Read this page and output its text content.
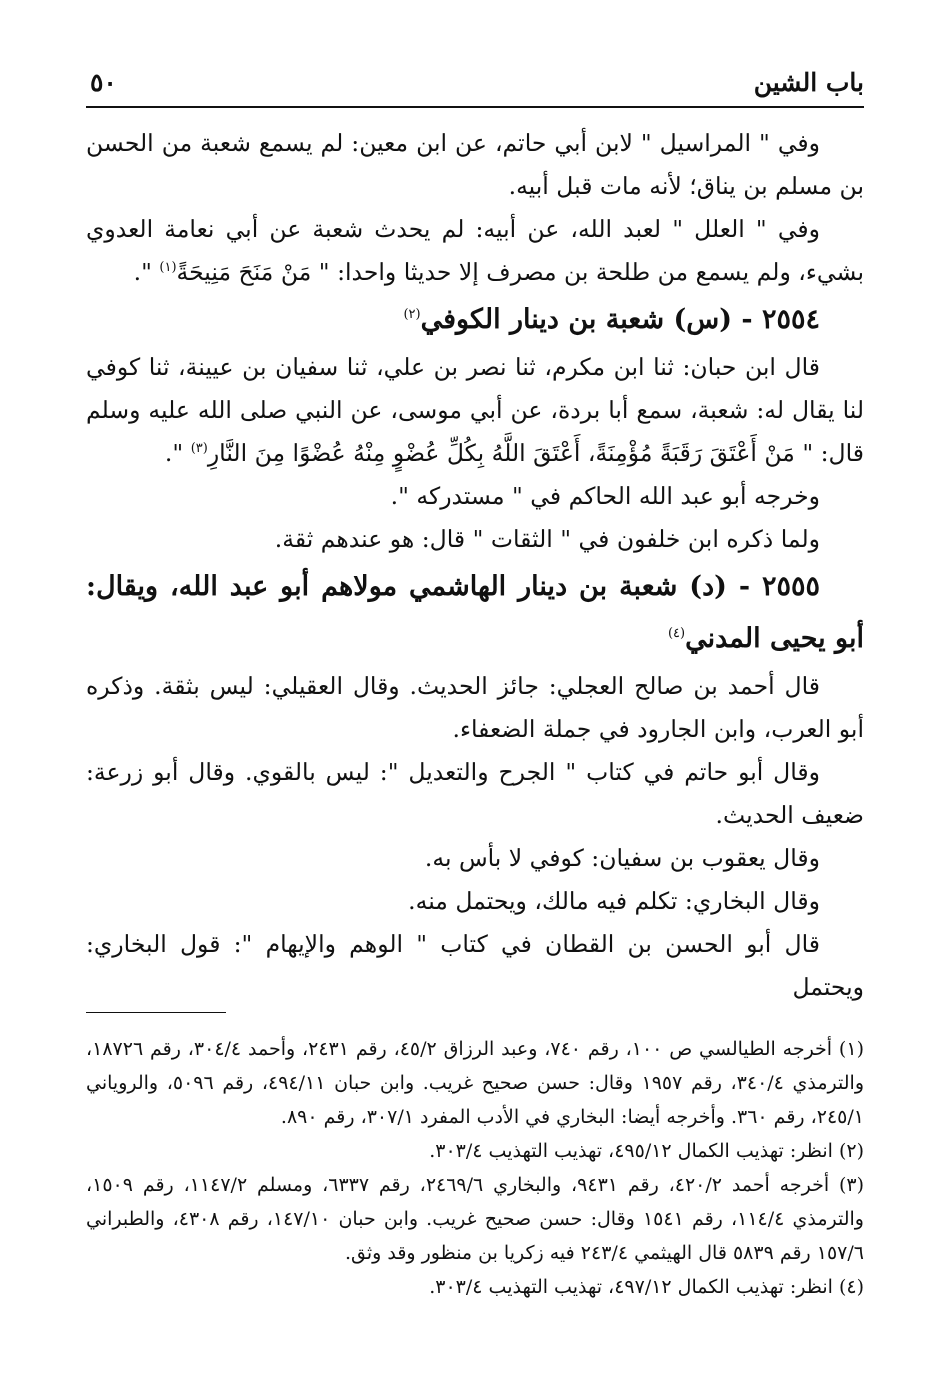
باب الشين
٥٠

وفي " المراسيل " لابن أبي حاتم، عن ابن معين: لم يسمع شعبة من الحسن بن مسلم بن يناق؛ لأنه مات قبل أبيه.

وفي " العلل " لعبد الله، عن أبيه: لم يحدث شعبة عن أبي نعامة العدوي بشيء، ولم يسمع من طلحة بن مصرف إلا حديثا واحدا: " مَنْ مَنَحَ مَنِيحَةً$^{(١)}$ ".

٢٥٥٤ - (س) شعبة بن دينار الكوفي$^{(٢)}$

قال ابن حبان: ثنا ابن مكرم، ثنا نصر بن علي، ثنا سفيان بن عيينة، ثنا كوفي لنا يقال له: شعبة، سمع أبا بردة، عن أبي موسى، عن النبي صلى الله عليه وسلم قال: " مَنْ أَعْتَقَ رَقَبَةً مُؤْمِنَةً، أَعْتَقَ اللَّهُ بِكُلِّ عُضْوٍ مِنْهُ عُضْوًا مِنَ النَّارِ$^{(٣)}$ ".

وخرجه أبو عبد الله الحاكم في " مستدركه ".

ولما ذكره ابن خلفون في " الثقات " قال: هو عندهم ثقة.

٢٥٥٥ - (د) شعبة بن دينار الهاشمي مولاهم أبو عبد الله، ويقال: أبو يحيى المدني$^{(٤)}$

قال أحمد بن صالح العجلي: جائز الحديث. وقال العقيلي: ليس بثقة. وذكره أبو العرب، وابن الجارود في جملة الضعفاء.

وقال أبو حاتم في كتاب " الجرح والتعديل ": ليس بالقوي. وقال أبو زرعة: ضعيف الحديث.

وقال يعقوب بن سفيان: كوفي لا بأس به.

وقال البخاري: تكلم فيه مالك، ويحتمل منه.

قال أبو الحسن بن القطان في كتاب " الوهم والإيهام ": قول البخاري: ويحتمل

(١) أخرجه الطيالسي ص ١٠٠، رقم ٧٤٠، وعبد الرزاق ٤٥/٢، رقم ٢٤٣١، وأحمد ٣٠٤/٤، رقم ١٨٧٢٦، والترمذي ٣٤٠/٤، رقم ١٩٥٧ وقال: حسن صحيح غريب. وابن حبان ٤٩٤/١١، رقم ٥٠٩٦، والروياني ٢٤٥/١، رقم ٣٦٠. وأخرجه أيضا: البخاري في الأدب المفرد ٣٠٧/١، رقم ٨٩٠.

(٢) انظر: تهذيب الكمال ٤٩٥/١٢، تهذيب التهذيب ٣٠٣/٤.

(٣) أخرجه أحمد ٤٢٠/٢، رقم ٩٤٣١، والبخاري ٢٤٦٩/٦، رقم ٦٣٣٧، ومسلم ١١٤٧/٢، رقم ١٥٠٩، والترمذي ١١٤/٤، رقم ١٥٤١ وقال: حسن صحيح غريب. وابن حبان ١٤٧/١٠، رقم ٤٣٠٨، والطبراني ١٥٧/٦ رقم ٥٨٣٩ قال الهيثمي ٢٤٣/٤ فيه زكريا بن منظور وقد وثق.

(٤) انظر: تهذيب الكمال ٤٩٧/١٢، تهذيب التهذيب ٣٠٣/٤.
